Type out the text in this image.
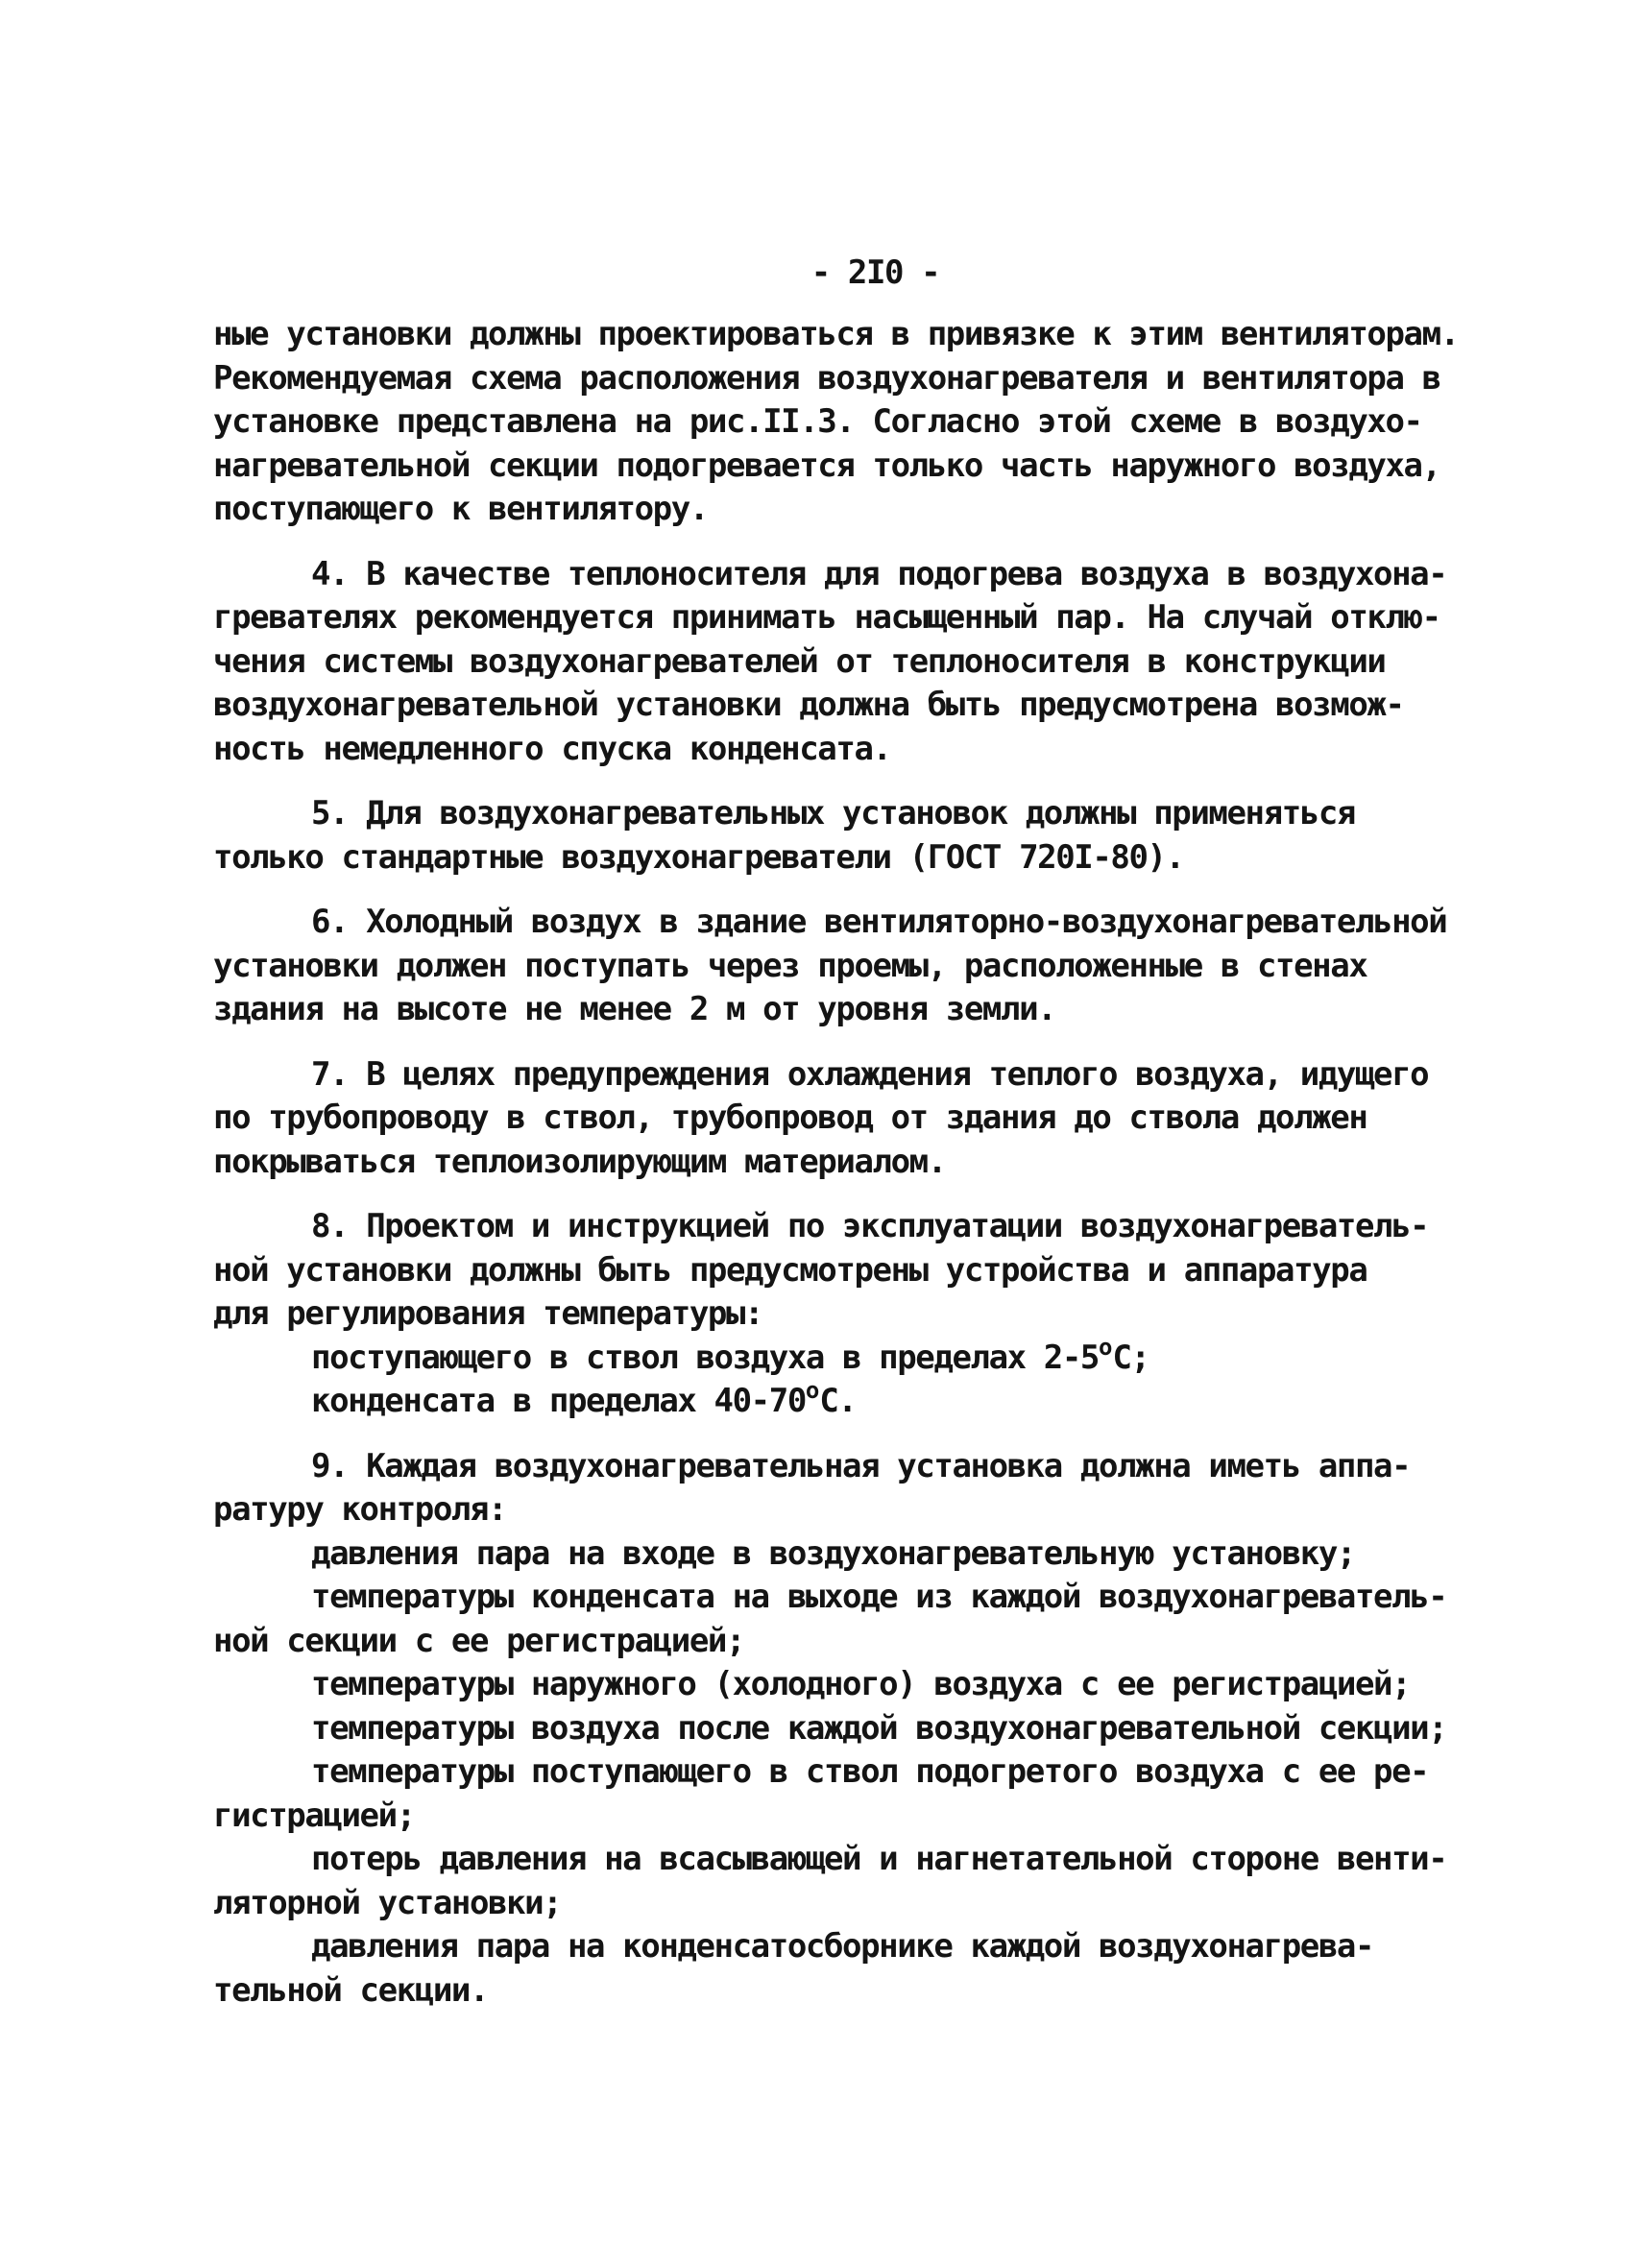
- 2I0 -
ные установки должны проектироваться в привязке к этим вентиляторам.
Рекомендуемая схема расположения воздухонагревателя и вентилятора в
установке представлена на рис.II.3. Согласно этой схеме в воздухо-
нагревательной секции подогревается только часть наружного воздуха,
поступающего к вентилятору.
4. В качестве теплоносителя для подогрева воздуха в воздухона-
гревателях рекомендуется принимать насыщенный пар. На случай отклю-
чения системы воздухонагревателей от теплоносителя в конструкции
воздухонагревательной установки должна быть предусмотрена возмож-
ность немедленного спуска конденсата.
5. Для воздухонагревательных установок должны применяться
только стандартные воздухонагреватели (ГОСТ 720I-80).
6. Холодный воздух в здание вентиляторно-воздухонагревательной
установки должен поступать через проемы, расположенные в стенах
здания на высоте не менее 2 м от уровня земли.
7. В целях предупреждения охлаждения теплого воздуха, идущего
по трубопроводу в ствол, трубопровод от здания до ствола должен
покрываться теплоизолирующим материалом.
8. Проектом и инструкцией по эксплуатации воздухонагреватель-
ной установки должны быть предусмотрены устройства и аппаратура
для регулирования температуры:
поступающего в ствол воздуха в пределах $2-5^оС$;
конденсата в пределах $40-70^оС$.
9. Каждая воздухонагревательная установка должна иметь аппа-
ратуру контроля:
давления пара на входе в воздухонагревательную установку;
температуры конденсата на выходе из каждой воздухонагреватель-
ной секции с ее регистрацией;
температуры наружного (холодного) воздуха с ее регистрацией;
температуры воздуха после каждой воздухонагревательной секции;
температуры поступающего в ствол подогретого воздуха с ее ре-
гистрацией;
потерь давления на всасывающей и нагнетательной стороне венти-
ляторной установки;
давления пара на конденсатосборнике каждой воздухонагрева-
тельной секции.
